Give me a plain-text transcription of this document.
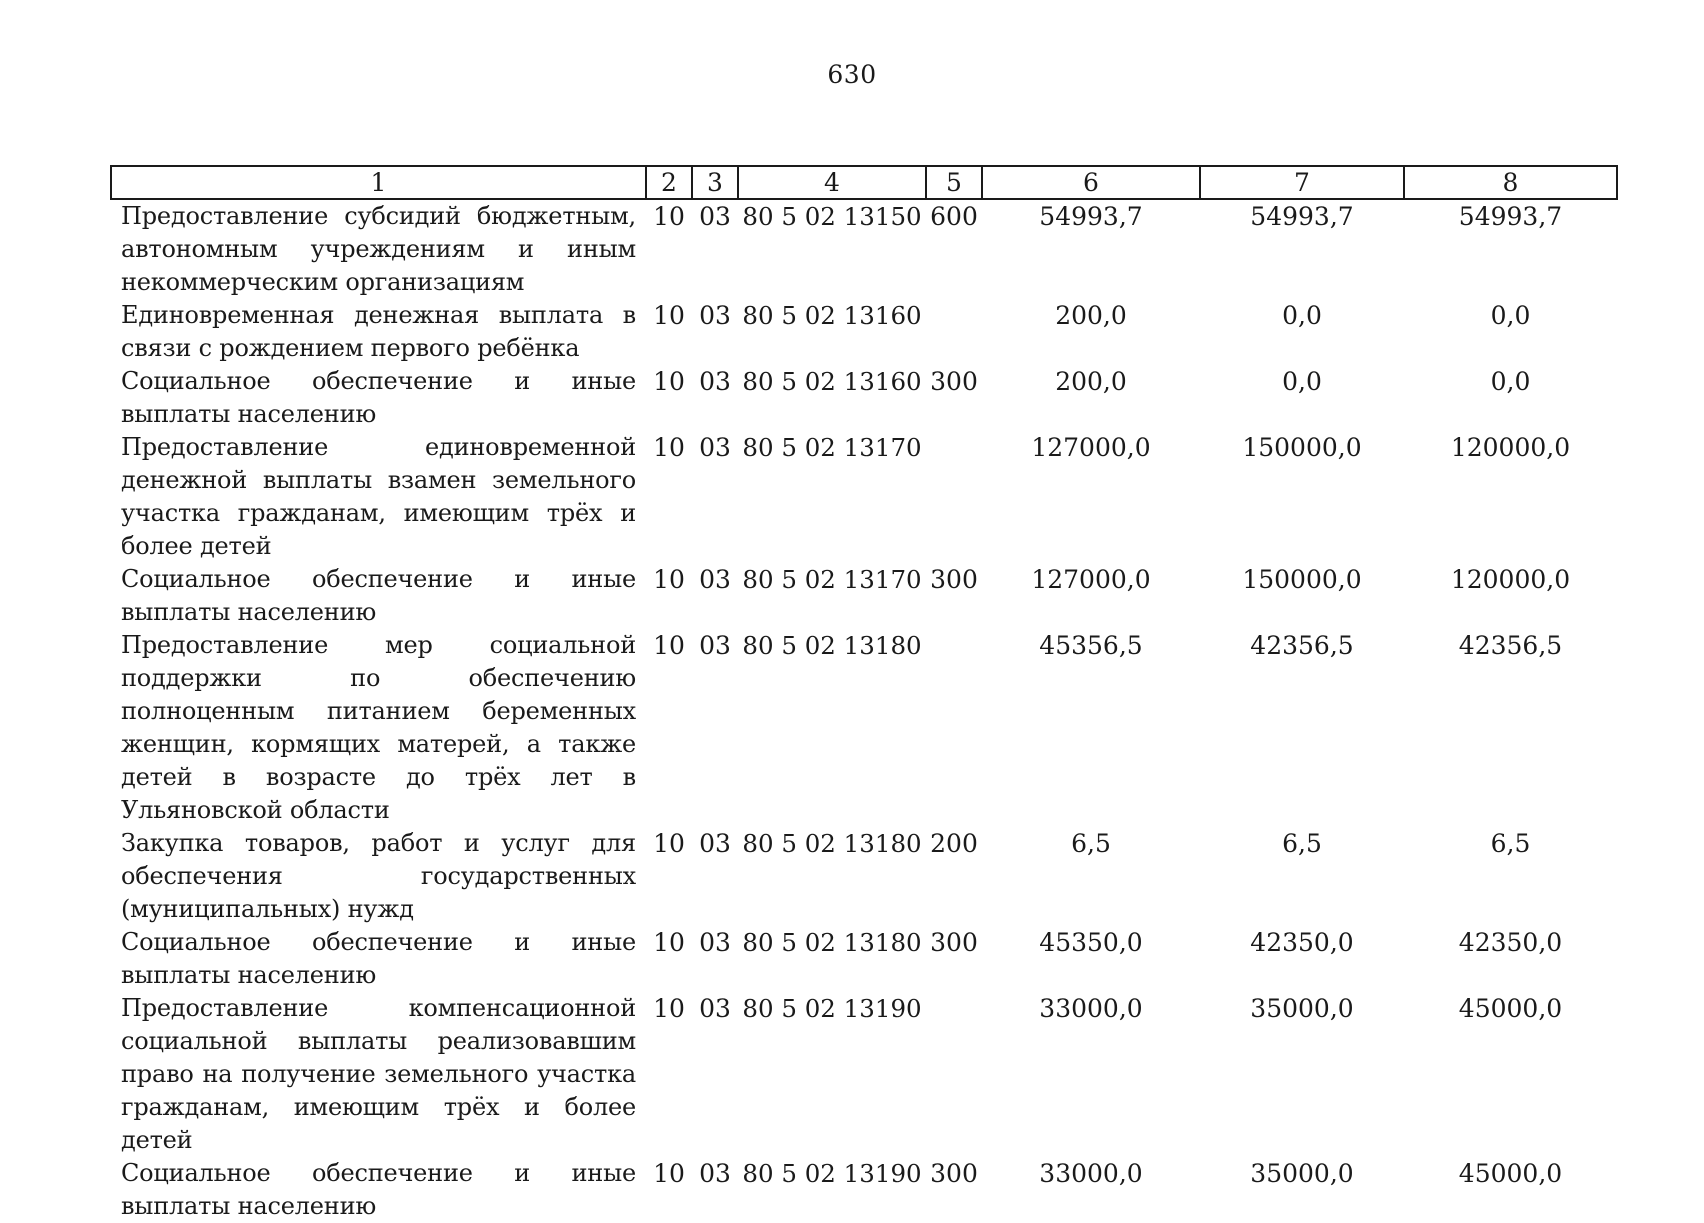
630
1	2	3	4	5	6	7	8
Предоставление субсидий бюджетным, автономным учреждениям и иным некоммерческим организациям	10	03	80 5 02 13150	600	54993,7	54993,7	54993,7
Единовременная денежная выплата в связи с рождением первого ребёнка	10	03	80 5 02 13160		200,0	0,0	0,0
Социальное обеспечение и иные выплаты населению	10	03	80 5 02 13160	300	200,0	0,0	0,0
Предоставление единовременной денежной выплаты взамен земельного участка гражданам, имеющим трёх и более детей	10	03	80 5 02 13170		127000,0	150000,0	120000,0
Социальное обеспечение и иные выплаты населению	10	03	80 5 02 13170	300	127000,0	150000,0	120000,0
Предоставление мер социальной поддержки по обеспечению полноценным питанием беременных женщин, кормящих матерей, а также детей в возрасте до трёх лет в Ульяновской области	10	03	80 5 02 13180		45356,5	42356,5	42356,5
Закупка товаров, работ и услуг для обеспечения государственных (муниципальных) нужд	10	03	80 5 02 13180	200	6,5	6,5	6,5
Социальное обеспечение и иные выплаты населению	10	03	80 5 02 13180	300	45350,0	42350,0	42350,0
Предоставление компенсационной социальной выплаты реализовавшим право на получение земельного участка гражданам, имеющим трёх и более детей	10	03	80 5 02 13190		33000,0	35000,0	45000,0
Социальное обеспечение и иные выплаты населению	10	03	80 5 02 13190	300	33000,0	35000,0	45000,0
